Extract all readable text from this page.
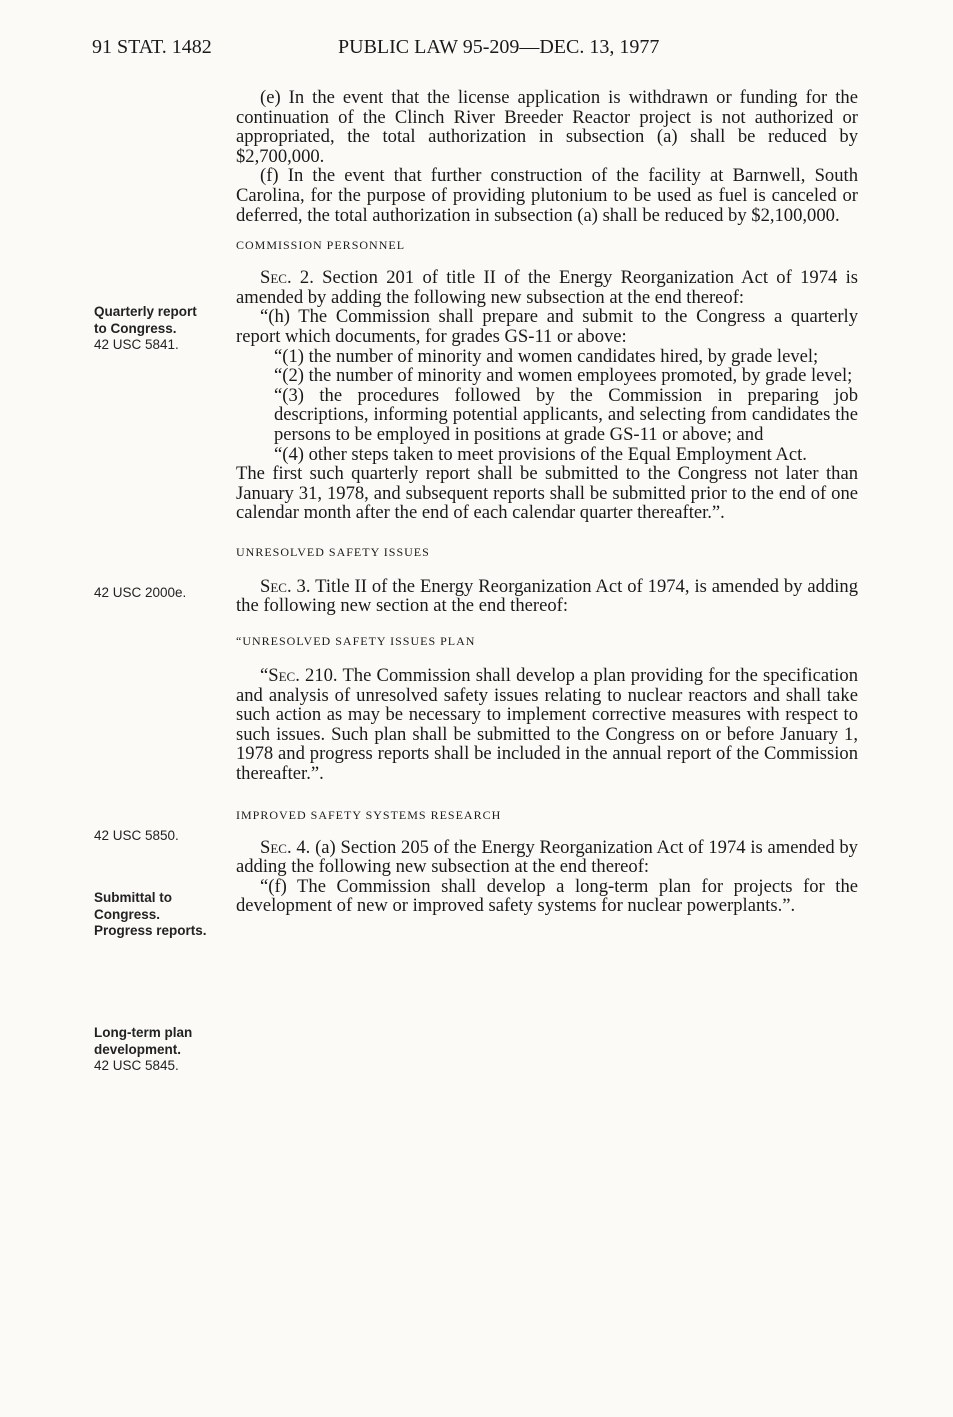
91 STAT. 1482	PUBLIC LAW 95-209—DEC. 13, 1977
Quarterly report
to Congress.
42 USC 5841.
42 USC 2000e.
42 USC 5850.
Submittal to
Congress.
Progress reports.
Long-term plan
development.
42 USC 5845.

(e) In the event that the license application is withdrawn or funding for the continuation of the Clinch River Breeder Reactor project is not authorized or appropriated, the total authorization in subsection (a) shall be reduced by $2,700,000.

(f) In the event that further construction of the facility at Barnwell, South Carolina, for the purpose of providing plutonium to be used as fuel is canceled or deferred, the total authorization in subsection (a) shall be reduced by $2,100,000.

COMMISSION PERSONNEL

Sec. 2. Section 201 of title II of the Energy Reorganization Act of 1974 is amended by adding the following new subsection at the end thereof:

“(h) The Commission shall prepare and submit to the Congress a quarterly report which documents, for grades GS-11 or above:

“(1) the number of minority and women candidates hired, by grade level;

“(2) the number of minority and women employees promoted, by grade level;

“(3) the procedures followed by the Commission in preparing job descriptions, informing potential applicants, and selecting from candidates the persons to be employed in positions at grade GS-11 or above; and

“(4) other steps taken to meet provisions of the Equal Employment Act.

The first such quarterly report shall be submitted to the Congress not later than January 31, 1978, and subsequent reports shall be submitted prior to the end of one calendar month after the end of each calendar quarter thereafter.”.

UNRESOLVED SAFETY ISSUES

Sec. 3. Title II of the Energy Reorganization Act of 1974, is amended by adding the following new section at the end thereof:

“UNRESOLVED SAFETY ISSUES PLAN

“Sec. 210. The Commission shall develop a plan providing for the specification and analysis of unresolved safety issues relating to nuclear reactors and shall take such action as may be necessary to implement corrective measures with respect to such issues. Such plan shall be submitted to the Congress on or before January 1, 1978 and progress reports shall be included in the annual report of the Commission thereafter.”.

IMPROVED SAFETY SYSTEMS RESEARCH

Sec. 4. (a) Section 205 of the Energy Reorganization Act of 1974 is amended by adding the following new subsection at the end thereof:

“(f) The Commission shall develop a long-term plan for projects for the development of new or improved safety systems for nuclear powerplants.”.
